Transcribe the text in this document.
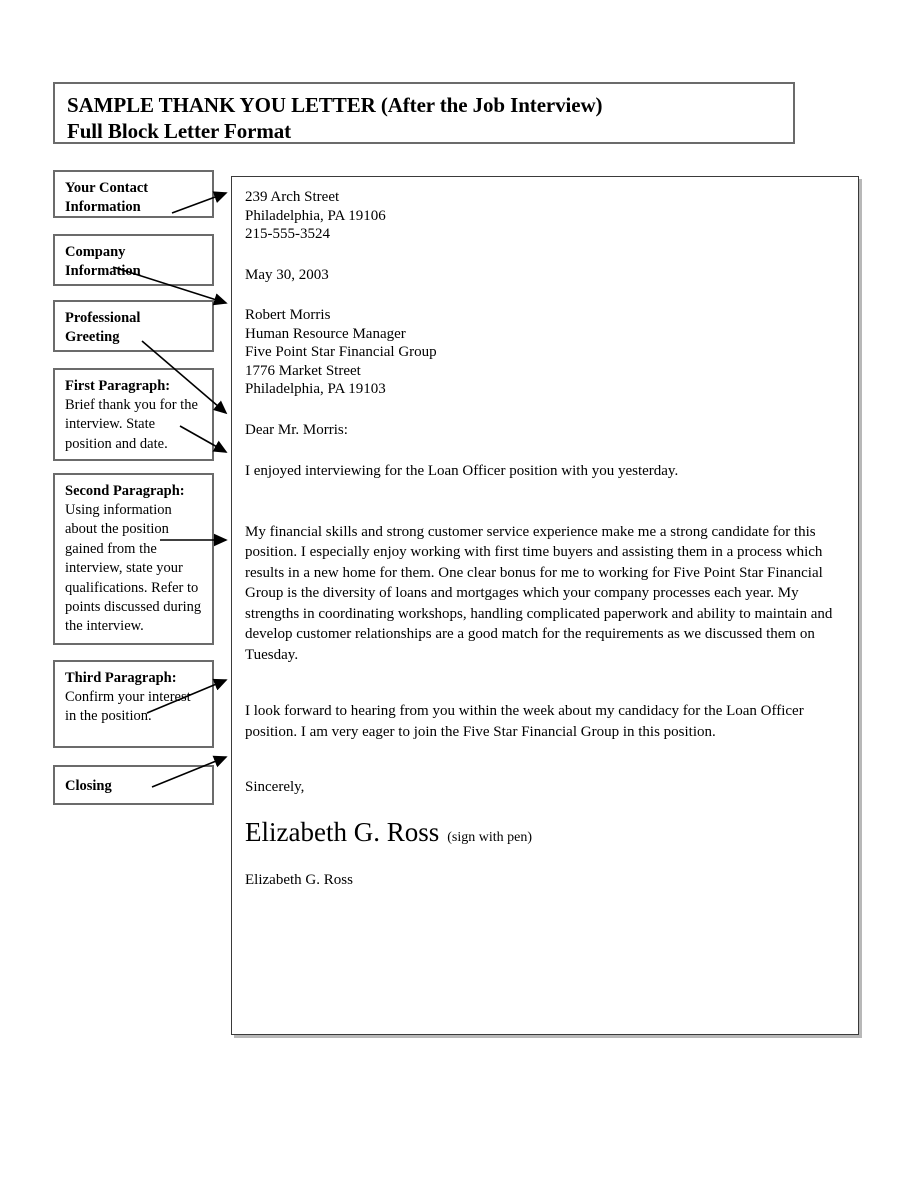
SAMPLE THANK YOU LETTER (After the Job Interview)
Full Block Letter Format
Your Contact
Information
Company
Information
Professional
Greeting
First Paragraph:
Brief thank you for the interview. State position and date.
Second Paragraph:
Using information about the position gained from the interview, state your qualifications. Refer to points discussed during the interview.
Third Paragraph:
Confirm your interest in the position.
Closing
239 Arch Street
Philadelphia, PA 19106
215-555-3524
May 30, 2003
Robert Morris
Human Resource Manager
Five Point Star Financial Group
1776 Market Street
Philadelphia, PA 19103
Dear Mr. Morris:
I enjoyed interviewing for the Loan Officer position with you yesterday.
My financial skills and strong customer service experience make me a strong candidate for this position. I especially enjoy working with first time buyers and assisting them in a process which results in a new home for them. One clear bonus for me to working for Five Point Star Financial Group is the diversity of loans and mortgages which your company processes each year. My strengths in coordinating workshops, handling complicated paperwork and ability to maintain and develop customer relationships are a good match for the requirements as we discussed them on Tuesday.
I look forward to hearing from you within the week about my candidacy for the Loan Officer position. I am very eager to join the Five Star Financial Group in this position.
Sincerely,
Elizabeth G. Ross (sign with pen)
Elizabeth G. Ross
